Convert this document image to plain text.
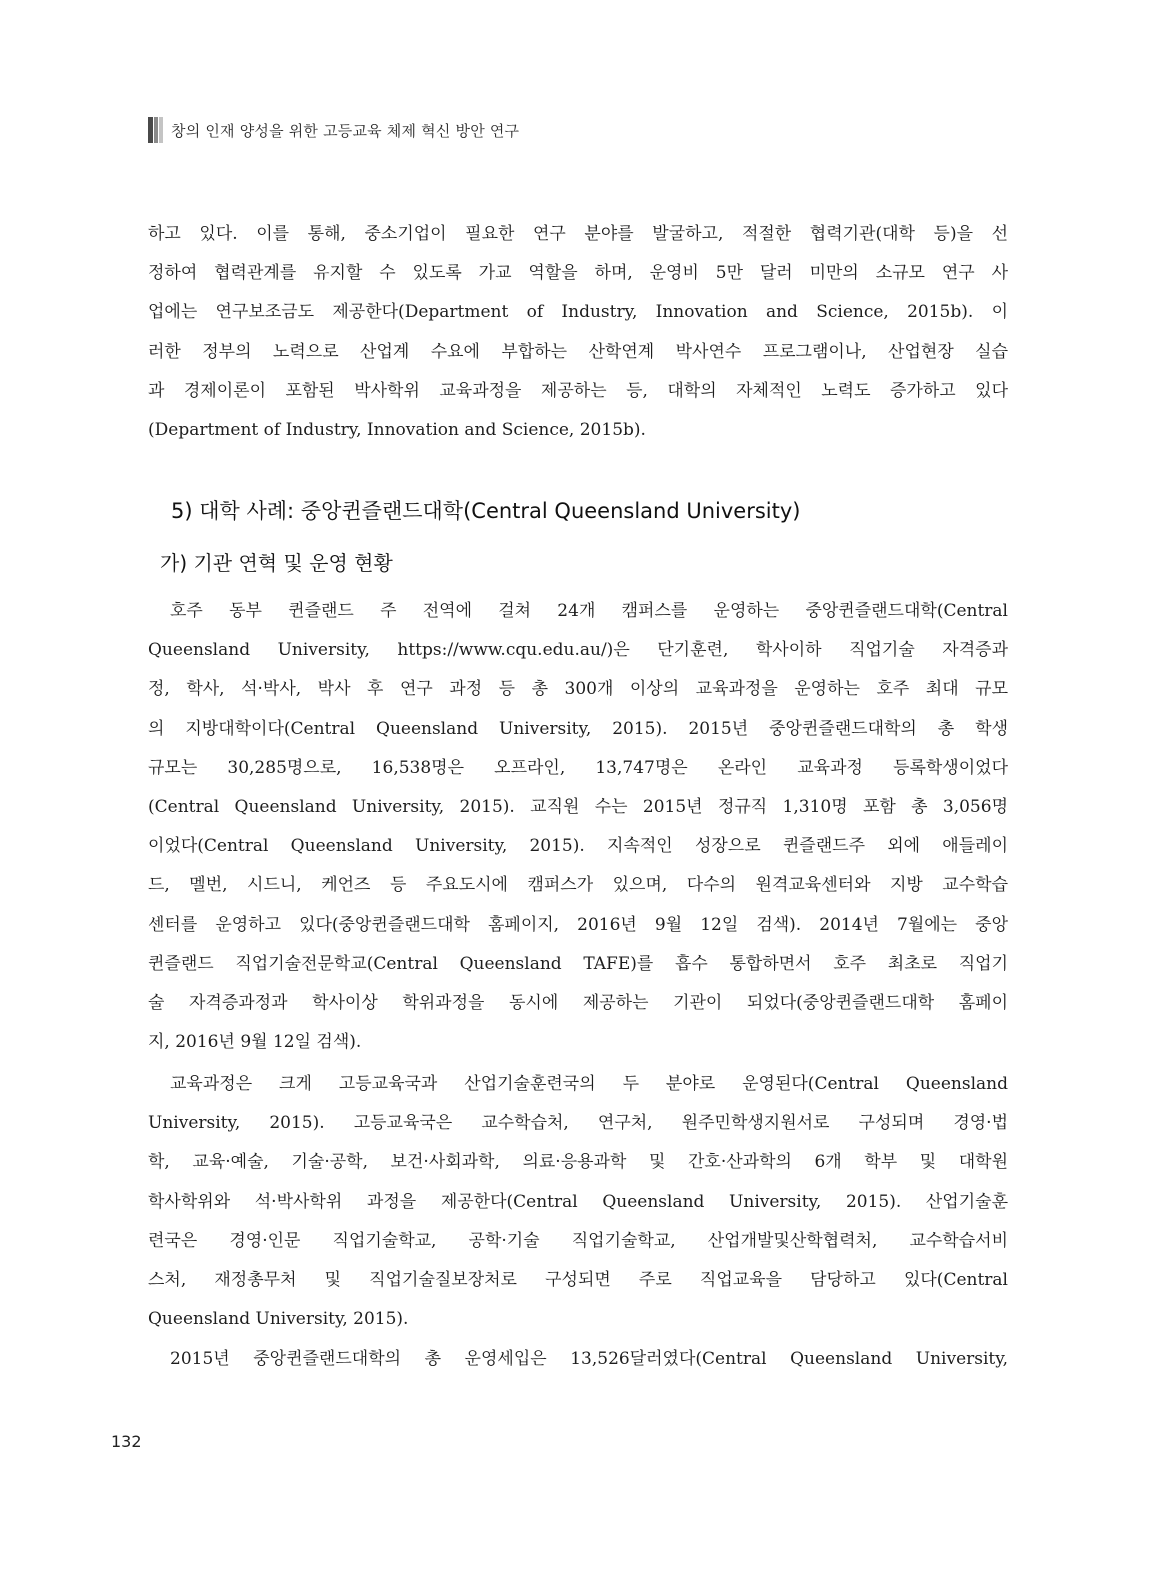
창의 인재 양성을 위한 고등교육 체제 혁신 방안 연구
하고 있다. 이를 통해, 중소기업이 필요한 연구 분야를 발굴하고, 적절한 협력기관(대학 등)을 선
정하여 협력관계를 유지할 수 있도록 가교 역할을 하며, 운영비 5만 달러 미만의 소규모 연구 사
업에는 연구보조금도 제공한다(Department of Industry, Innovation and Science, 2015b). 이
러한 정부의 노력으로 산업계 수요에 부합하는 산학연계 박사연수 프로그램이나, 산업현장 실습
과 경제이론이 포함된 박사학위 교육과정을 제공하는 등, 대학의 자체적인 노력도 증가하고 있다
(Department of Industry, Innovation and Science, 2015b).
5) 대학 사례: 중앙퀸즐랜드대학(Central Queensland University)
가) 기관 연혁 및 운영 현황
호주 동부 퀸즐랜드 주 전역에 걸쳐 24개 캠퍼스를 운영하는 중앙퀸즐랜드대학(Central
Queensland University, https://www.cqu.edu.au/)은 단기훈련, 학사이하 직업기술 자격증과
정, 학사, 석·박사, 박사 후 연구 과정 등 총 300개 이상의 교육과정을 운영하는 호주 최대 규모
의 지방대학이다(Central Queensland University, 2015). 2015년 중앙퀸즐랜드대학의 총 학생
규모는 30,285명으로, 16,538명은 오프라인, 13,747명은 온라인 교육과정 등록학생이었다
(Central Queensland University, 2015). 교직원 수는 2015년 정규직 1,310명 포함 총 3,056명
이었다(Central Queensland University, 2015). 지속적인 성장으로 퀸즐랜드주 외에 애들레이
드, 멜번, 시드니, 케언즈 등 주요도시에 캠퍼스가 있으며, 다수의 원격교육센터와 지방 교수학습
센터를 운영하고 있다(중앙퀸즐랜드대학 홈페이지, 2016년 9월 12일 검색). 2014년 7월에는 중앙
퀸즐랜드 직업기술전문학교(Central Queensland TAFE)를 흡수 통합하면서 호주 최초로 직업기
술 자격증과정과 학사이상 학위과정을 동시에 제공하는 기관이 되었다(중앙퀸즐랜드대학 홈페이
지, 2016년 9월 12일 검색).
교육과정은 크게 고등교육국과 산업기술훈련국의 두 분야로 운영된다(Central Queensland
University, 2015). 고등교육국은 교수학습처, 연구처, 원주민학생지원서로 구성되며 경영·법
학, 교육·예술, 기술·공학, 보건·사회과학, 의료·응용과학 및 간호·산과학의 6개 학부 및 대학원
학사학위와 석·박사학위 과정을 제공한다(Central Queensland University, 2015). 산업기술훈
련국은 경영·인문 직업기술학교, 공학·기술 직업기술학교, 산업개발및산학협력처, 교수학습서비
스처, 재정총무처 및 직업기술질보장처로 구성되면 주로 직업교육을 담당하고 있다(Central
Queensland University, 2015).
2015년 중앙퀸즐랜드대학의 총 운영세입은 13,526달러였다(Central Queensland University,
132
